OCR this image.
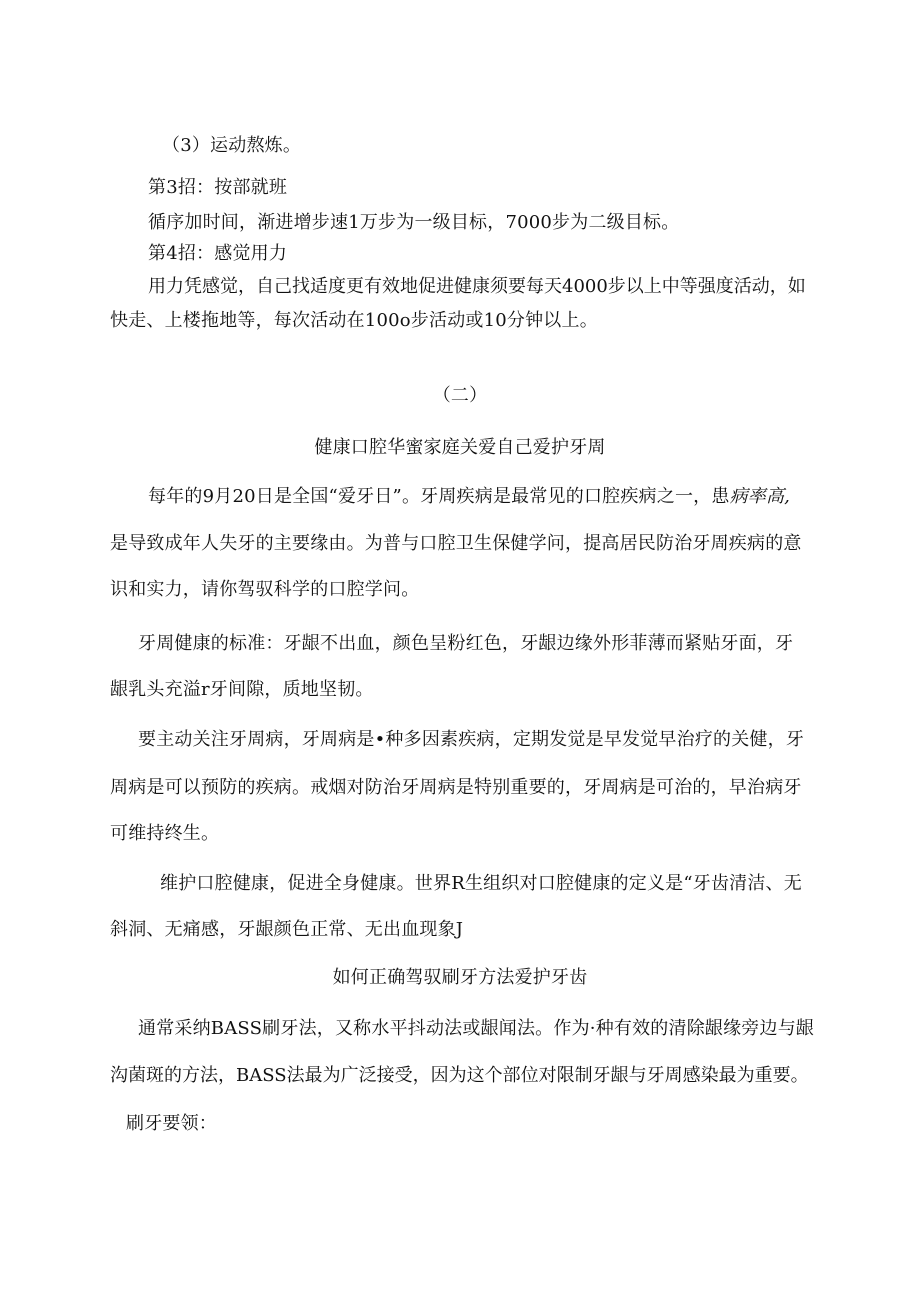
（3）运动熬炼。
第3招：按部就班
循序加时间，渐进增步速1万步为一级目标，7000步为二级目标。
第4招：感觉用力
用力凭感觉，自己找适度更有效地促进健康须要每天4000步以上中等强度活动，如
快走、上楼拖地等，每次活动在100o步活动或10分钟以上。
（二）
健康口腔华蜜家庭关爱自己爱护牙周
每年的9月20日是全国“爱牙日”。牙周疾病是最常见的口腔疾病之一，患病率高,
是导致成年人失牙的主要缘由。为普与口腔卫生保健学问，提高居民防治牙周疾病的意
识和实力，请你驾驭科学的口腔学问。
牙周健康的标准：牙龈不出血，颜色呈粉红色，牙龈边缘外形菲薄而紧贴牙面，牙
龈乳头充溢r牙间隙，质地坚韧。
要主动关注牙周病，牙周病是•种多因素疾病，定期发觉是早发觉早治疗的关健，牙
周病是可以预防的疾病。戒烟对防治牙周病是特别重要的，牙周病是可治的，早治病牙
可维持终生。
维护口腔健康，促进全身健康。世界R生组织对口腔健康的定义是“牙齿清洁、无
斜洞、无痛感，牙龈颜色正常、无出血现象J
如何正确驾驭刷牙方法爱护牙齿
通常采纳BASS刷牙法，又称水平抖动法或龈闻法。作为·种有效的清除龈缘旁边与龈
沟菌斑的方法，BASS法最为广泛接受，因为这个部位对限制牙龈与牙周感染最为重要。
刷牙要领：
